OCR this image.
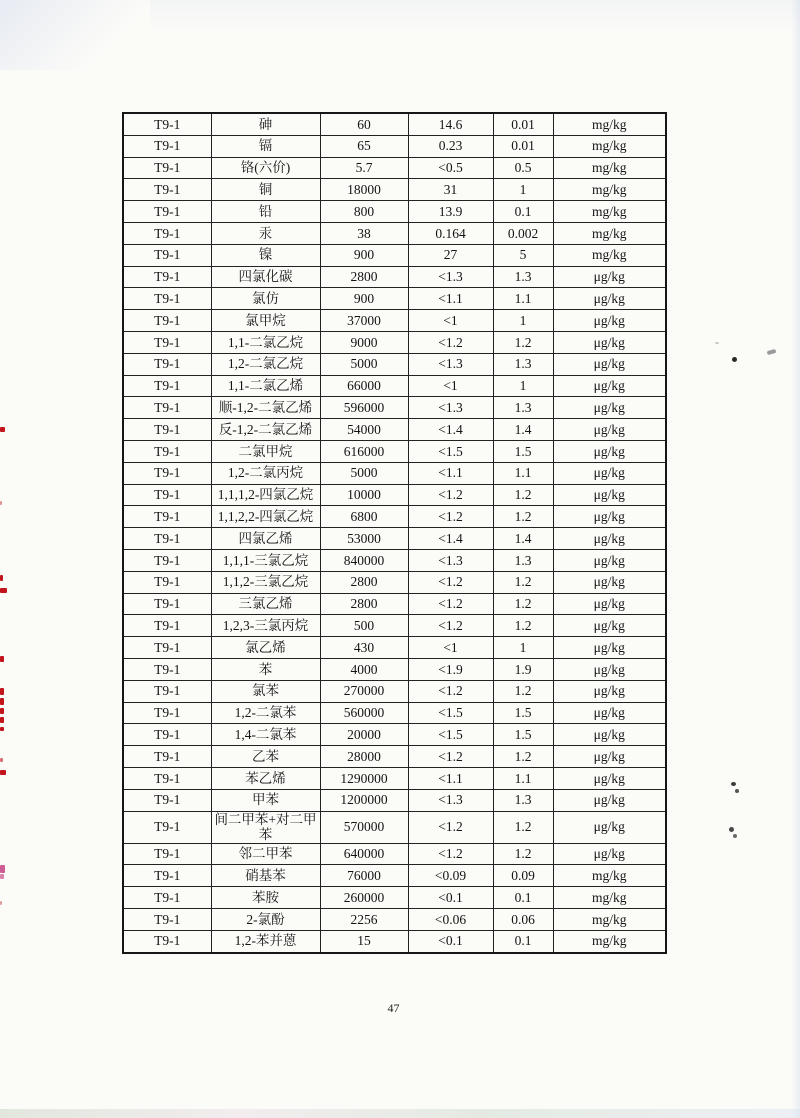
T9-1	砷	60	14.6	0.01	mg/kg
T9-1	镉	65	0.23	0.01	mg/kg
T9-1	铬(六价)	5.7	<0.5	0.5	mg/kg
T9-1	铜	18000	31	1	mg/kg
T9-1	铅	800	13.9	0.1	mg/kg
T9-1	汞	38	0.164	0.002	mg/kg
T9-1	镍	900	27	5	mg/kg
T9-1	四氯化碳	2800	<1.3	1.3	μg/kg
T9-1	氯仿	900	<1.1	1.1	μg/kg
T9-1	氯甲烷	37000	<1	1	μg/kg
T9-1	1,1-二氯乙烷	9000	<1.2	1.2	μg/kg
T9-1	1,2-二氯乙烷	5000	<1.3	1.3	μg/kg
T9-1	1,1-二氯乙烯	66000	<1	1	μg/kg
T9-1	顺-1,2-二氯乙烯	596000	<1.3	1.3	μg/kg
T9-1	反-1,2-二氯乙烯	54000	<1.4	1.4	μg/kg
T9-1	二氯甲烷	616000	<1.5	1.5	μg/kg
T9-1	1,2-二氯丙烷	5000	<1.1	1.1	μg/kg
T9-1	1,1,1,2-四氯乙烷	10000	<1.2	1.2	μg/kg
T9-1	1,1,2,2-四氯乙烷	6800	<1.2	1.2	μg/kg
T9-1	四氯乙烯	53000	<1.4	1.4	μg/kg
T9-1	1,1,1-三氯乙烷	840000	<1.3	1.3	μg/kg
T9-1	1,1,2-三氯乙烷	2800	<1.2	1.2	μg/kg
T9-1	三氯乙烯	2800	<1.2	1.2	μg/kg
T9-1	1,2,3-三氯丙烷	500	<1.2	1.2	μg/kg
T9-1	氯乙烯	430	<1	1	μg/kg
T9-1	苯	4000	<1.9	1.9	μg/kg
T9-1	氯苯	270000	<1.2	1.2	μg/kg
T9-1	1,2-二氯苯	560000	<1.5	1.5	μg/kg
T9-1	1,4-二氯苯	20000	<1.5	1.5	μg/kg
T9-1	乙苯	28000	<1.2	1.2	μg/kg
T9-1	苯乙烯	1290000	<1.1	1.1	μg/kg
T9-1	甲苯	1200000	<1.3	1.3	μg/kg
T9-1	间二甲苯+对二甲苯	570000	<1.2	1.2	μg/kg
T9-1	邻二甲苯	640000	<1.2	1.2	μg/kg
T9-1	硝基苯	76000	<0.09	0.09	mg/kg
T9-1	苯胺	260000	<0.1	0.1	mg/kg
T9-1	2-氯酚	2256	<0.06	0.06	mg/kg
T9-1	1,2-苯并蒽	15	<0.1	0.1	mg/kg
47
